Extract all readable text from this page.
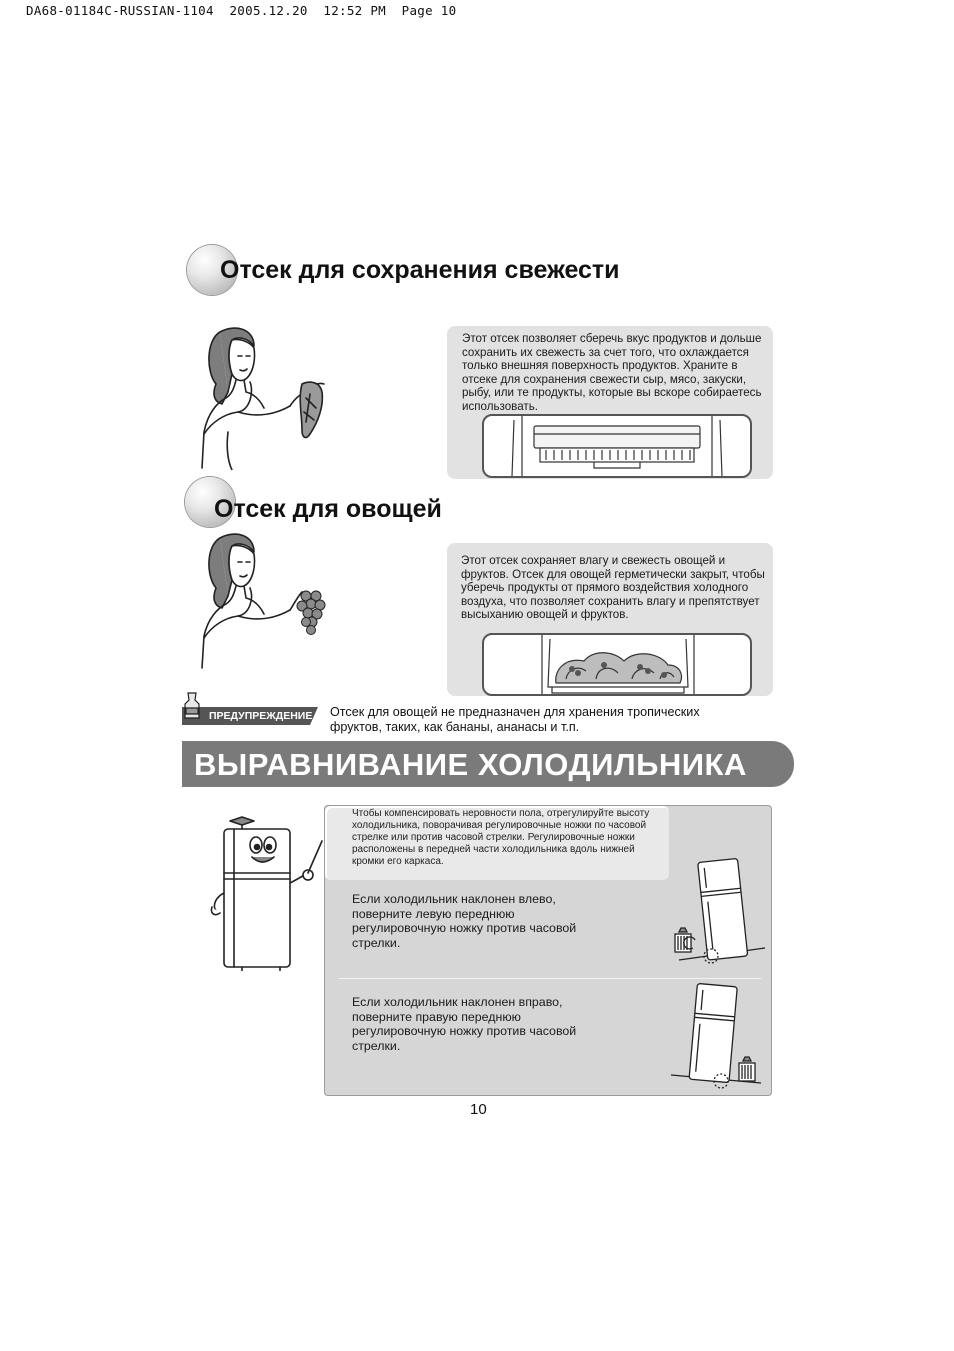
DA68-01184C-RUSSIAN-1104  2005.12.20  12:52 PM  Page 10
Отсек для сохранения свежести
Этот отсек позволяет сберечь вкус продуктов и дольше сохранить их свежесть за счет того, что охлаждается только внешняя поверхность продуктов. Храните в отсеке для сохранения свежести сыр, мясо, закуски, рыбу, или те продукты, которые вы вскоре собираетесь использовать.
Отсек для овощей
Этот отсек сохраняет влагу и свежесть овощей и фруктов. Отсек для овощей герметически закрыт, чтобы уберечь продукты от прямого воздействия холодного воздуха, что позволяет сохранить влагу и препятствует высыханию овощей и фруктов.
ПРЕДУПРЕЖДЕНИЕ Отсек для овощей не предназначен для хранения тропических фруктов, таких, как бананы, ананасы и т.п.
ВЫРАВНИВАНИЕ ХОЛОДИЛЬНИКА
Чтобы компенсировать неровности пола, отрегулируйте высоту холодильника, поворачивая регулировочные ножки по часовой стрелке или против часовой стрелки. Регулировочные ножки расположены в передней части холодильника вдоль нижней кромки его каркаса.
Если холодильник наклонен влево, поверните левую переднюю регулировочную ножку против часовой стрелки.
Если холодильник наклонен вправо, поверните правую переднюю регулировочную ножку против часовой стрелки.
10
